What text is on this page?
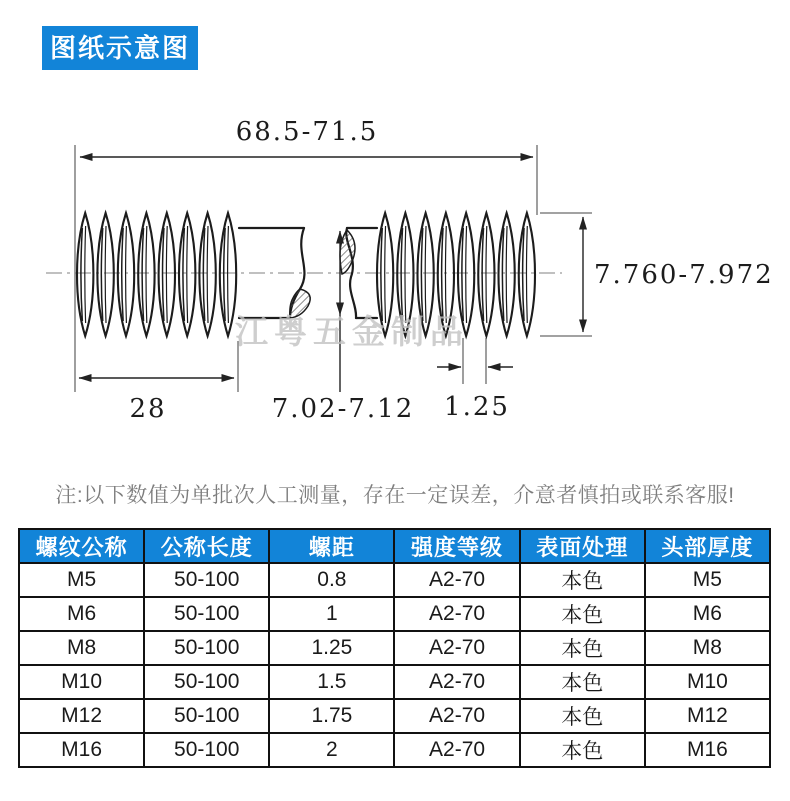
图纸示意图
68.5-71.5
7.760-7.972
28	7.02-7.12 1.25
江粤五金制品
注:以下数值为单批次人工测量，存在一定误差，介意者慎拍或联系客服!
螺纹公称	公称长度	螺距	强度等级	表面处理	头部厚度
M5	50-100	0.8	A2-70	本色	M5
M6	50-100	1	A2-70	本色	M6
M8	50-100	1.25	A2-70	本色	M8
M10	50-100	1.5	A2-70	本色	M10
M12	50-100	1.75	A2-70	本色	M12
M16	50-100	2	A2-70	本色	M16
